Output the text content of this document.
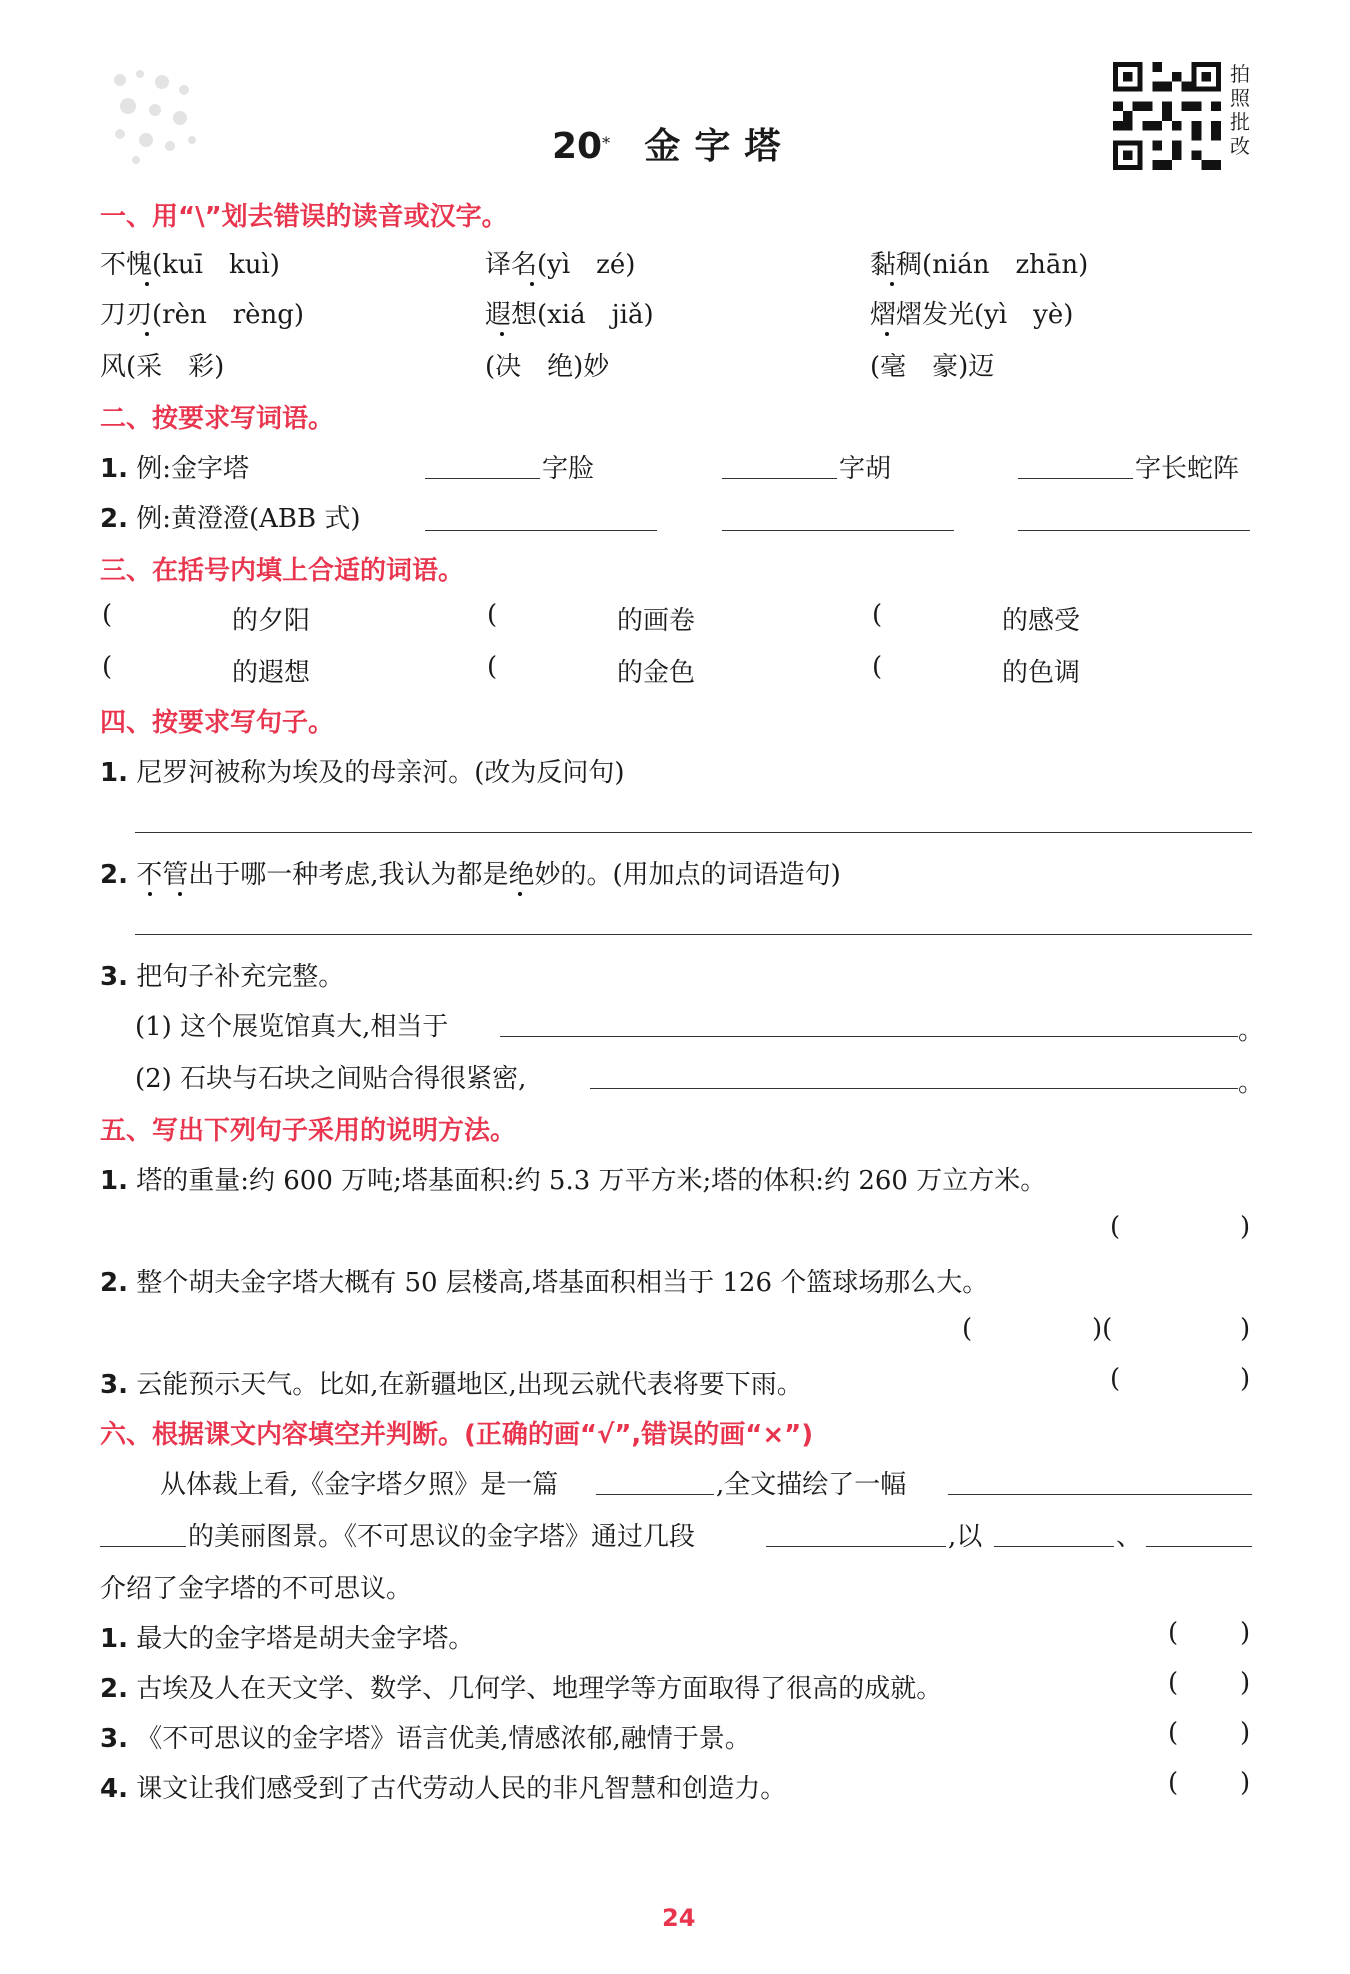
20* 金字塔
拍
照
批
改
一、用“\”划去错误的读音或汉字。
不愧(kuī　kuì)	译名(yì　zé)	黏稠(nián　zhān)
刀刃(rèn　rèng)	遐想(xiá　jiǎ)	熠熠发光(yì　yè)
风(采　彩)	(决　绝)妙	(毫　豪)迈
二、按要求写词语。
1. 例:金字塔	字脸	字胡	字长蛇阵
2. 例:黄澄澄(ABB 式)
三、在括号内填上合适的词语。
(	的夕阳	(	的画卷	(	的感受
(	的遐想	(	的金色	(	的色调
四、按要求写句子。
1. 尼罗河被称为埃及的母亲河。(改为反问句)
2. 不管出于哪一种考虑,我认为都是绝妙的。(用加点的词语造句)
3. 把句子补充完整。
(1) 这个展览馆真大,相当于	。
(2) 石块与石块之间贴合得很紧密,	。
五、写出下列句子采用的说明方法。
1. 塔的重量:约 600 万吨;塔基面积:约 5.3 万平方米;塔的体积:约 260 万立方米。
(	)
2. 整个胡夫金字塔大概有 50 层楼高,塔基面积相当于 126 个篮球场那么大。
(	)(	)
3. 云能预示天气。比如,在新疆地区,出现云就代表将要下雨。	(	)
六、根据课文内容填空并判断。(正确的画“√”,错误的画“×”)
从体裁上看,《金字塔夕照》是一篇	,全文描绘了一幅
的美丽图景。《不可思议的金字塔》通过几段	,以	、
介绍了金字塔的不可思议。
1. 最大的金字塔是胡夫金字塔。	( )
2. 古埃及人在天文学、数学、几何学、地理学等方面取得了很高的成就。	( )
3. 《不可思议的金字塔》语言优美,情感浓郁,融情于景。	( )
4. 课文让我们感受到了古代劳动人民的非凡智慧和创造力。	( )
24
